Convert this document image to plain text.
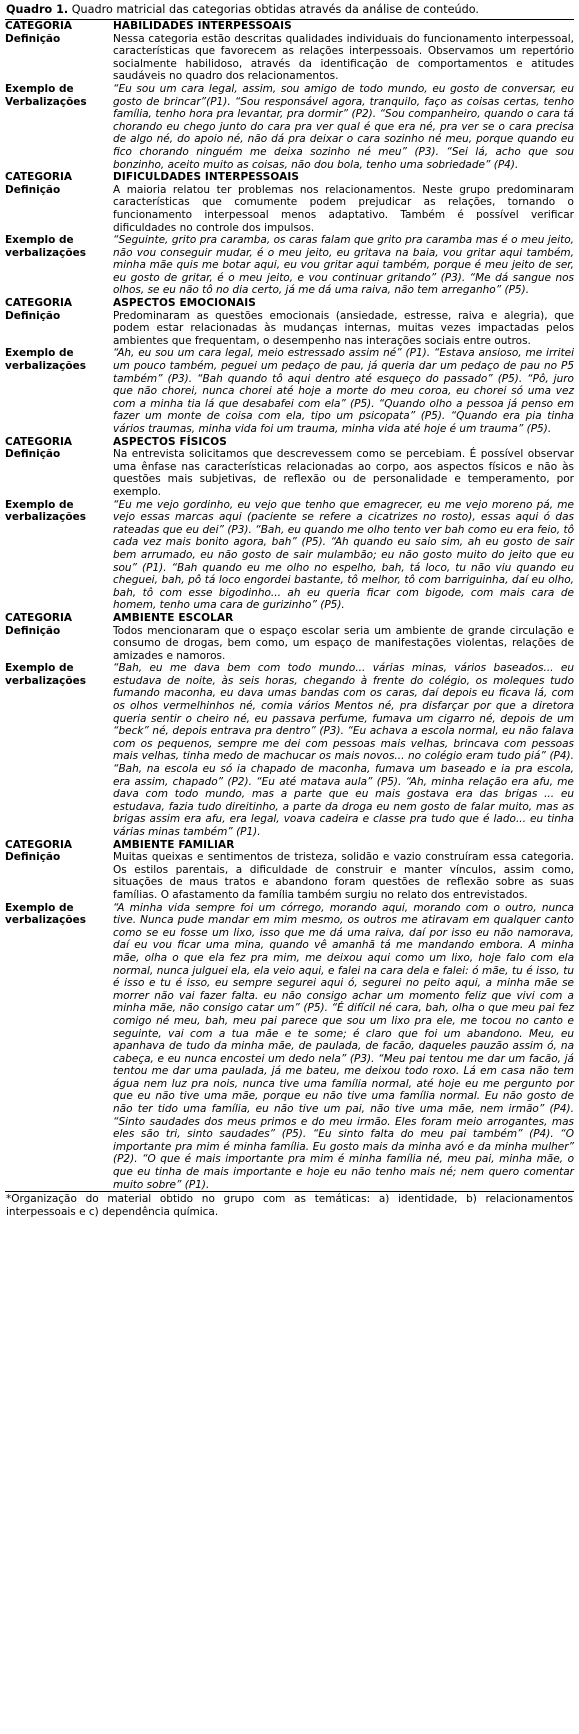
Quadro 1. Quadro matricial das categorias obtidas através da análise de conteúdo.
CATEGORIA	HABILIDADES INTERPESSOAIS
Definição	Nessa categoria estão descritas qualidades individuais do funcionamento interpessoal, características que favorecem as relações interpessoais. Observamos um repertório socialmente habilidoso, através da identificação de comportamentos e atitudes saudáveis no quadro dos relacionamentos.
Exemplo de Verbalizações	“Eu sou um cara legal, assim, sou amigo de todo mundo, eu gosto de conversar, eu gosto de brincar”(P1). “Sou responsável agora, tranquilo, faço as coisas certas, tenho família, tenho hora pra levantar, pra dormir” (P2). “Sou companheiro, quando o cara tá chorando eu chego junto do cara pra ver qual é que era né, pra ver se o cara precisa de algo né, do apoio né, não dá pra deixar o cara sozinho né meu, porque quando eu fico chorando ninguém me deixa sozinho né meu” (P3). “Sei lá, acho que sou bonzinho, aceito muito as coisas, não dou bola, tenho uma sobriedade” (P4).
CATEGORIA	DIFICULDADES INTERPESSOAIS
Definição	A maioria relatou ter problemas nos relacionamentos. Neste grupo predominaram características que comumente podem prejudicar as relações, tornando o funcionamento interpessoal menos adaptativo. Também é possível verificar dificuldades no controle dos impulsos.
Exemplo de verbalizações	“Seguinte, grito pra caramba, os caras falam que grito pra caramba mas é o meu jeito, não vou conseguir mudar, é o meu jeito, eu gritava na baia, vou gritar aqui também, minha mãe quis me botar aqui, eu vou gritar aqui também, porque é meu jeito de ser, eu gosto de gritar, é o meu jeito, e vou continuar gritando” (P3). “Me dá sangue nos olhos, se eu não tô no dia certo, já me dá uma raiva, não tem arreganho” (P5).
CATEGORIA	ASPECTOS EMOCIONAIS
Definição	Predominaram as questões emocionais (ansiedade, estresse, raiva e alegria), que podem estar relacionadas às mudanças internas, muitas vezes impactadas pelos ambientes que frequentam, o desempenho nas interações sociais entre outros.
Exemplo de verbalizações	“Ah, eu sou um cara legal, meio estressado assim né” (P1). “Estava ansioso, me irritei um pouco também, peguei um pedaço de pau, já queria dar um pedaço de pau no P5 também” (P3). “Bah quando tô aqui dentro até esqueço do passado” (P5). “Pô, juro que não chorei, nunca chorei até hoje a morte do meu coroa, eu chorei só uma vez com a minha tia lá que desabafei com ela” (P5). “Quando olho a pessoa já penso em fazer um monte de coisa com ela, tipo um psicopata” (P5). “Quando era pia tinha vários traumas, minha vida foi um trauma, minha vida até hoje é um trauma” (P5).
CATEGORIA	ASPECTOS FÍSICOS
Definição	Na entrevista solicitamos que descrevessem como se percebiam. É possível observar uma ênfase nas características relacionadas ao corpo, aos aspectos físicos e não às questões mais subjetivas, de reflexão ou de personalidade e temperamento, por exemplo.
Exemplo de verbalizações	“Eu me vejo gordinho, eu vejo que tenho que emagrecer, eu me vejo moreno pá, me vejo essas marcas aqui (paciente se refere a cicatrizes no rosto), essas aqui ó das rateadas que eu dei” (P3). “Bah, eu quando me olho tento ver bah como eu era feio, tô cada vez mais bonito agora, bah” (P5). “Ah quando eu saio sim, ah eu gosto de sair bem arrumado, eu não gosto de sair mulambão; eu não gosto muito do jeito que eu sou” (P1). “Bah quando eu me olho no espelho, bah, tá loco, tu não viu quando eu cheguei, bah, pô tá loco engordei bastante, tô melhor, tô com barriguinha, daí eu olho, bah, tô com esse bigodinho... ah eu queria ficar com bigode, com mais cara de homem, tenho uma cara de gurizinho” (P5).
CATEGORIA	AMBIENTE ESCOLAR
Definição	Todos mencionaram que o espaço escolar seria um ambiente de grande circulação e consumo de drogas, bem como, um espaço de manifestações violentas, relações de amizades e namoros.
Exemplo de verbalizações	“Bah, eu me dava bem com todo mundo... várias minas, vários baseados... eu estudava de noite, às seis horas, chegando à frente do colégio, os moleques tudo fumando maconha, eu dava umas bandas com os caras, daí depois eu ficava lá, com os olhos vermelhinhos né, comia vários Mentos né, pra disfarçar por que a diretora queria sentir o cheiro né, eu passava perfume, fumava um cigarro né, depois de um “beck” né, depois entrava pra dentro” (P3). “Eu achava a escola normal, eu não falava com os pequenos, sempre me dei com pessoas mais velhas, brincava com pessoas mais velhas, tinha medo de machucar os mais novos... no colégio eram tudo piá” (P4). “Bah, na escola eu só ia chapado de maconha, fumava um baseado e ia pra escola, era assim, chapado” (P2). “Eu até matava aula” (P5). “Ah, minha relação era afu, me dava com todo mundo, mas a parte que eu mais gostava era das brigas ... eu estudava, fazia tudo direitinho, a parte da droga eu nem gosto de falar muito, mas as brigas assim era afu, era legal, voava cadeira e classe pra tudo que é lado... eu tinha várias minas também” (P1).
CATEGORIA	AMBIENTE FAMILIAR
Definição	Muitas queixas e sentimentos de tristeza, solidão e vazio construíram essa categoria. Os estilos parentais, a dificuldade de construir e manter vínculos, assim como, situações de maus tratos e abandono foram questões de reflexão sobre as suas famílias. O afastamento da família também surgiu no relato dos entrevistados.
Exemplo de verbalizações	“A minha vida sempre foi um córrego, morando aqui, morando com o outro, nunca tive. Nunca pude mandar em mim mesmo, os outros me atiravam em qualquer canto como se eu fosse um lixo, isso que me dá uma raiva, daí por isso eu não namorava, daí eu vou ficar uma mina, quando vê amanhã tá me mandando embora. A minha mãe, olha o que ela fez pra mim, me deixou aqui como um lixo, hoje falo com ela normal, nunca julguei ela, ela veio aqui, e falei na cara dela e falei: ó mãe, tu é isso, tu é isso e tu é isso, eu sempre segurei aqui ó, segurei no peito aqui, a minha mãe se morrer não vai fazer falta. eu não consigo achar um momento feliz que vivi com a minha mãe, não consigo catar um” (P5). “É difícil né cara, bah, olha o que meu pai fez comigo né meu, bah, meu pai parece que sou um lixo pra ele, me tocou no canto e seguinte, vai com a tua mãe e te some; é claro que foi um abandono. Meu, eu apanhava de tudo da minha mãe, de paulada, de facão, daqueles pauzão assim ó, na cabeça, e eu nunca encostei um dedo nela” (P3). “Meu pai tentou me dar um facão, já tentou me dar uma paulada, já me bateu, me deixou todo roxo. Lá em casa não tem água nem luz pra nois, nunca tive uma família normal, até hoje eu me pergunto por que eu não tive uma mãe, porque eu não tive uma família normal. Eu não gosto de não ter tido uma família, eu não tive um pai, não tive uma mãe, nem irmão” (P4). “Sinto saudades dos meus primos e do meu irmão. Eles foram meio arrogantes, mas eles são tri, sinto saudades” (P5). “Eu sinto falta do meu pai também” (P4). “O importante pra mim é minha família. Eu gosto mais da minha avó e da minha mulher” (P2). “O que é mais importante pra mim é minha família né, meu pai, minha mãe, o que eu tinha de mais importante e hoje eu não tenho mais né; nem quero comentar muito sobre” (P1).
*Organização do material obtido no grupo com as temáticas: a) identidade, b) relacionamentos interpessoais e c) dependência química.
